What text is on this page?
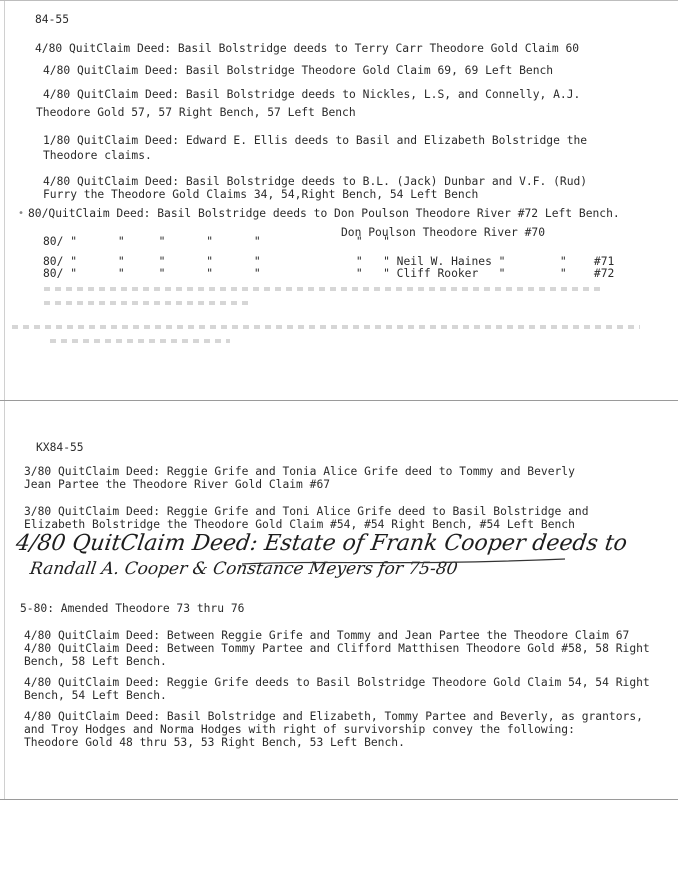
84-55
4/80 QuitClaim Deed: Basil Bolstridge deeds to Terry Carr Theodore Gold Claim 60
4/80 QuitClaim Deed: Basil Bolstridge Theodore Gold Claim 69, 69 Left Bench
4/80 QuitClaim Deed: Basil Bolstridge deeds to Nickles, L.S, and Connelly, A.J.
Theodore Gold 57, 57 Right Bench, 57 Left Bench
1/80 QuitClaim Deed: Edward E. Ellis deeds to Basil and Elizabeth Bolstridge the
Theodore claims.
4/80 QuitClaim Deed: Basil Bolstridge deeds to B.L. (Jack) Dunbar and V.F. (Rud)
Furry the Theodore Gold Claims 34, 54,Right Bench, 54 Left Bench
• 80/QuitClaim Deed: Basil Bolstridge deeds to Don Poulson Theodore River #72 Left Bench.
Don Poulson Theodore River #70
80/ "      "     "      "      "              "   "
80/ "      "     "      "      "              "   " Neil W. Haines "        "    #71
80/ "      "     "      "      "              "   " Cliff Rooker   "        "    #72
KX84-55
3/80 QuitClaim Deed: Reggie Grife and Tonia Alice Grife deed to Tommy and Beverly
Jean Partee the Theodore River Gold Claim #67
3/80 QuitClaim Deed: Reggie Grife and Toni Alice Grife deed to Basil Bolstridge and
Elizabeth Bolstridge the Theodore Gold Claim #54, #54 Right Bench, #54 Left Bench
4/80 QuitClaim Deed: Estate of Frank Cooper deeds to
Randall A. Cooper & Constance Meyers for 75-80
5-80: Amended Theodore 73 thru 76
4/80 QuitClaim Deed: Between Reggie Grife and Tommy and Jean Partee the Theodore Claim 67
4/80 QuitClaim Deed: Between Tommy Partee and Clifford Matthisen Theodore Gold #58, 58 Right
Bench, 58 Left Bench.
4/80 QuitClaim Deed: Reggie Grife deeds to Basil Bolstridge Theodore Gold Claim 54, 54 Right
Bench, 54 Left Bench.
4/80 QuitClaim Deed: Basil Bolstridge and Elizabeth, Tommy Partee and Beverly, as grantors,
and Troy Hodges and Norma Hodges with right of survivorship convey the following:
Theodore Gold 48 thru 53, 53 Right Bench, 53 Left Bench.
